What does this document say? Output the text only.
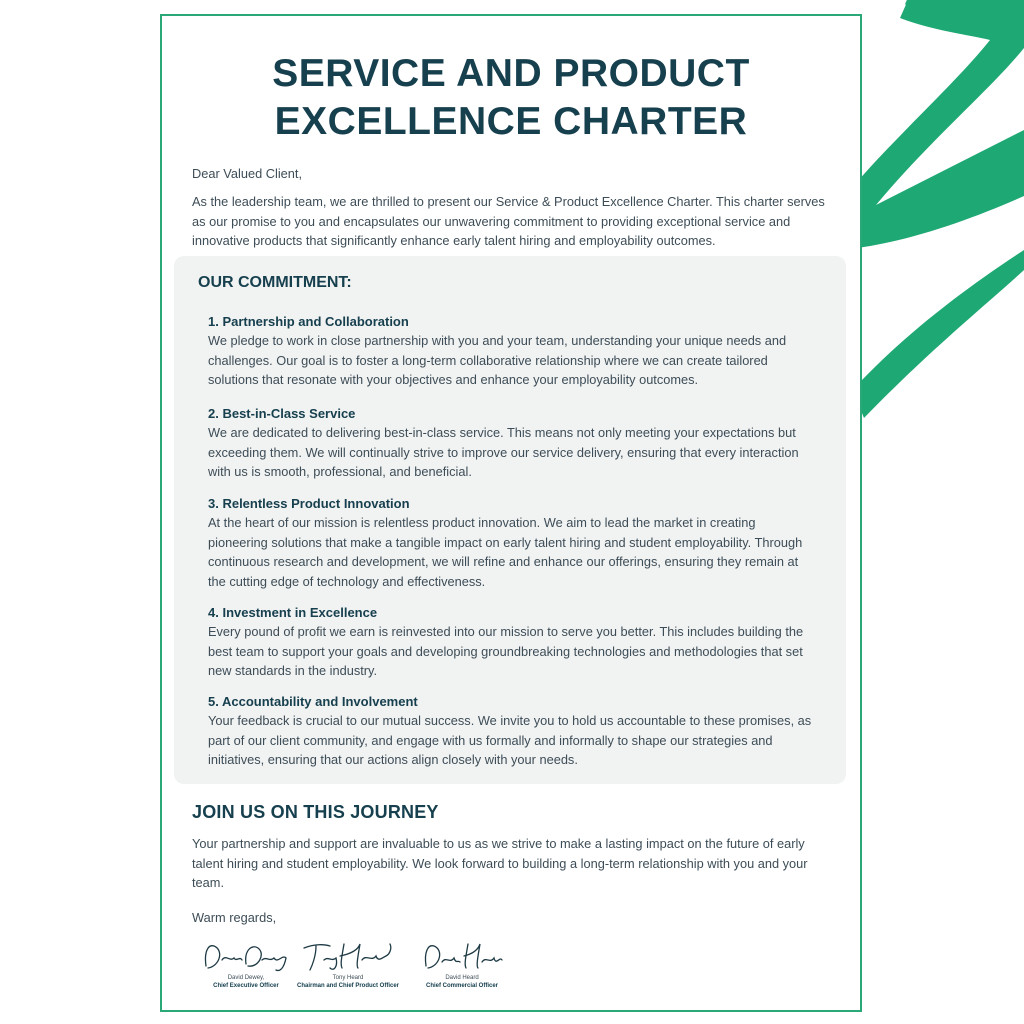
SERVICE AND PRODUCT
EXCELLENCE CHARTER
Dear Valued Client,
As the leadership team, we are thrilled to present our Service & Product Excellence Charter. This charter serves as our promise to you and encapsulates our unwavering commitment to providing exceptional service and innovative products that significantly enhance early talent hiring and employability outcomes.
OUR COMMITMENT:
1. Partnership and Collaboration

We pledge to work in close partnership with you and your team, understanding your unique needs and challenges. Our goal is to foster a long-term collaborative relationship where we can create tailored solutions that resonate with your objectives and enhance your employability outcomes.

2. Best-in-Class Service

We are dedicated to delivering best-in-class service. This means not only meeting your expectations but exceeding them. We will continually strive to improve our service delivery, ensuring that every interaction with us is smooth, professional, and beneficial.

3. Relentless Product Innovation

At the heart of our mission is relentless product innovation. We aim to lead the market in creating pioneering solutions that make a tangible impact on early talent hiring and student employability. Through continuous research and development, we will refine and enhance our offerings, ensuring they remain at the cutting edge of technology and effectiveness.

4. Investment in Excellence

Every pound of profit we earn is reinvested into our mission to serve you better. This includes building the best team to support your goals and developing groundbreaking technologies and methodologies that set new standards in the industry.

5. Accountability and Involvement

Your feedback is crucial to our mutual success. We invite you to hold us accountable to these promises, as part of our client community, and engage with us formally and informally to shape our strategies and initiatives, ensuring that our actions align closely with your needs.

JOIN US ON THIS JOURNEY
Your partnership and support are invaluable to us as we strive to make a lasting impact on the future of early talent hiring and student employability. We look forward to building a long-term relationship with you and your team.
Warm regards,
David Dewey,
Chief Executive Officer
Tony Heard
Chairman and Chief Product Officer
David Heard
Chief Commercial Officer
